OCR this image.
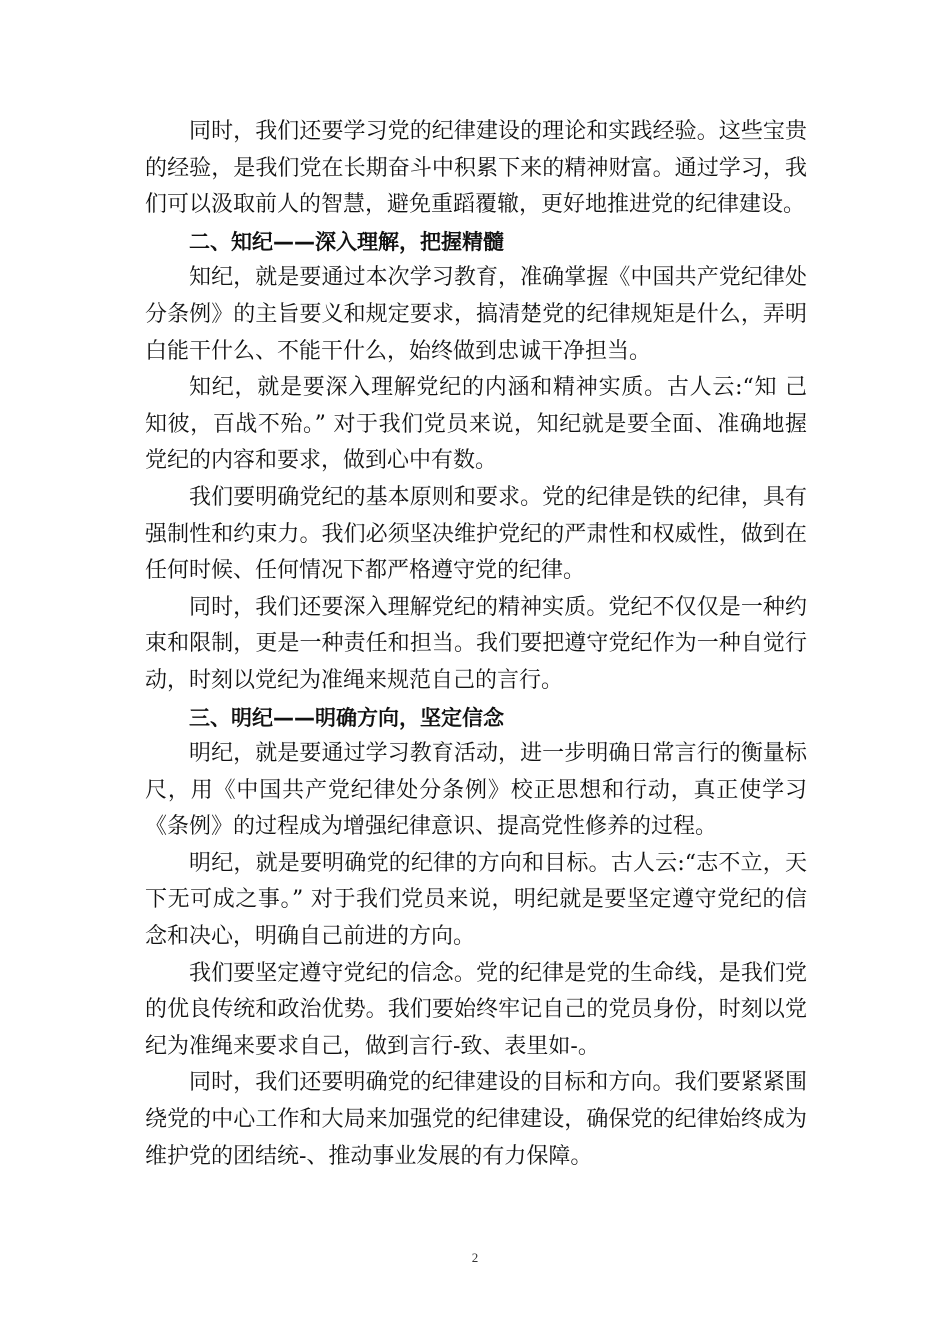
同时，我们还要学习党的纪律建设的理论和实践经验。这些宝贵的经验，是我们党在长期奋斗中积累下来的精神财富。通过学习，我们可以汲取前人的智慧，避免重蹈覆辙，更好地推进党的纪律建设。

二、知纪——深入理解，把握精髓

知纪，就是要通过本次学习教育，准确掌握《中国共产党纪律处分条例》的主旨要义和规定要求，搞清楚党的纪律规矩是什么，弄明白能干什么、不能干什么，始终做到忠诚干净担当。

知纪，就是要深入理解党纪的内涵和精神实质。古人云:“知 己知彼，百战不殆。” 对于我们党员来说，知纪就是要全面、准确地握党纪的内容和要求，做到心中有数。

我们要明确党纪的基本原则和要求。党的纪律是铁的纪律，具有强制性和约束力。我们必须坚决维护党纪的严肃性和权威性，做到在任何时候、任何情况下都严格遵守党的纪律。

同时，我们还要深入理解党纪的精神实质。党纪不仅仅是一种约束和限制，更是一种责任和担当。我们要把遵守党纪作为一种自觉行动，时刻以党纪为准绳来规范自己的言行。

三、明纪——明确方向，坚定信念

明纪，就是要通过学习教育活动，进一步明确日常言行的衡量标尺，用《中国共产党纪律处分条例》校正思想和行动，真正使学习《条例》的过程成为增强纪律意识、提高党性修养的过程。

明纪，就是要明确党的纪律的方向和目标。古人云:“志不立，天下无可成之事。” 对于我们党员来说，明纪就是要坚定遵守党纪的信念和决心，明确自己前进的方向。

我们要坚定遵守党纪的信念。党的纪律是党的生命线，是我们党的优良传统和政治优势。我们要始终牢记自己的党员身份，时刻以党纪为准绳来要求自己，做到言行-致、表里如-。

同时，我们还要明确党的纪律建设的目标和方向。我们要紧紧围绕党的中心工作和大局来加强党的纪律建设，确保党的纪律始终成为维护党的团结统-、推动事业发展的有力保障。

2
